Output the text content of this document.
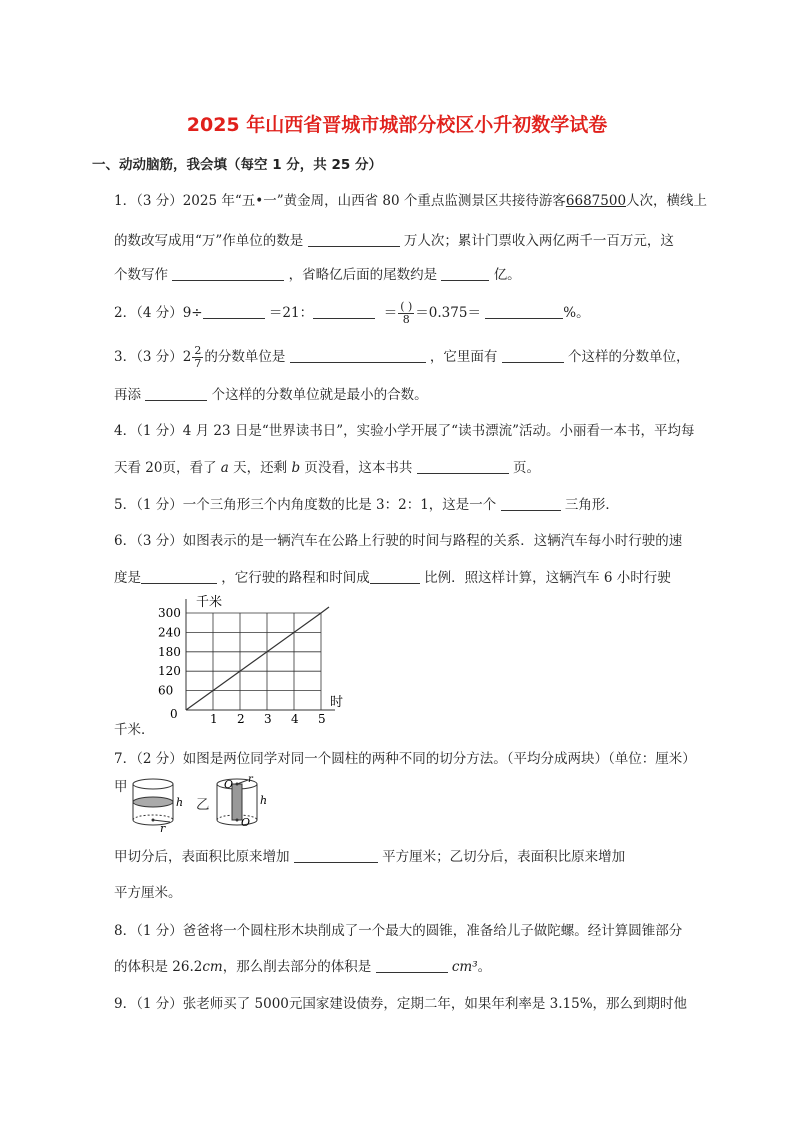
2025 年山西省晋城市城部分校区小升初数学试卷
一、动动脑筋，我会填（每空 1 分，共 25 分）
1．（3 分）2025 年“五•一”黄金周，山西省 80 个重点监测景区共接待游客6687500人次，横线上
的数改写成用“万”作单位的数是	万人次；累计门票收入两亿两千一百万元，这
个数写作	，省略亿后面的尾数约是	亿。
2．（4 分）9÷	＝21：	＝ $\frac{( )}{8} =0.375=$	%。
3．（3 分）$2 \frac{2}{7}$ 的分数单位是	，它里面有	个这样的分数单位，
再添	个这样的分数单位就是最小的合数。
4．（1 分）4 月 23 日是“世界读书日”，实验小学开展了“读书漂流”活动。小丽看一本书，平均每
天看 20页，看了 a 天，还剩 b 页没看，这本书共	页。
5．（1 分）一个三角形三个内角度数的比是 3：2：1，这是一个	三角形．
6．（3 分）如图表示的是一辆汽车在公路上行驶的时间与路程的关系．这辆汽车每小时行驶的速
度是	，它行驶的路程和时间成	比例．照这样计算，这辆汽车 6 小时行驶
1 2 3 4 5
60
120
180
240
300
千米
时
0
千米．
7．（2 分）如图是两位同学对同一个圆柱的两种不同的切分方法。（平均分成两块）（单位：厘米）
甲
h
r
乙
O r
O
h
甲切分后，表面积比原来增加	平方厘米；乙切分后，表面积比原来增加
平方厘米。
8．（1 分）爸爸将一个圆柱形木块削成了一个最大的圆锥，准备给儿子做陀螺。经计算圆锥部分
的体积是 26.2cm，那么削去部分的体积是	cm³。
9．（1 分）张老师买了 5000元国家建设债券，定期二年，如果年利率是 3.15%，那么到期时他
